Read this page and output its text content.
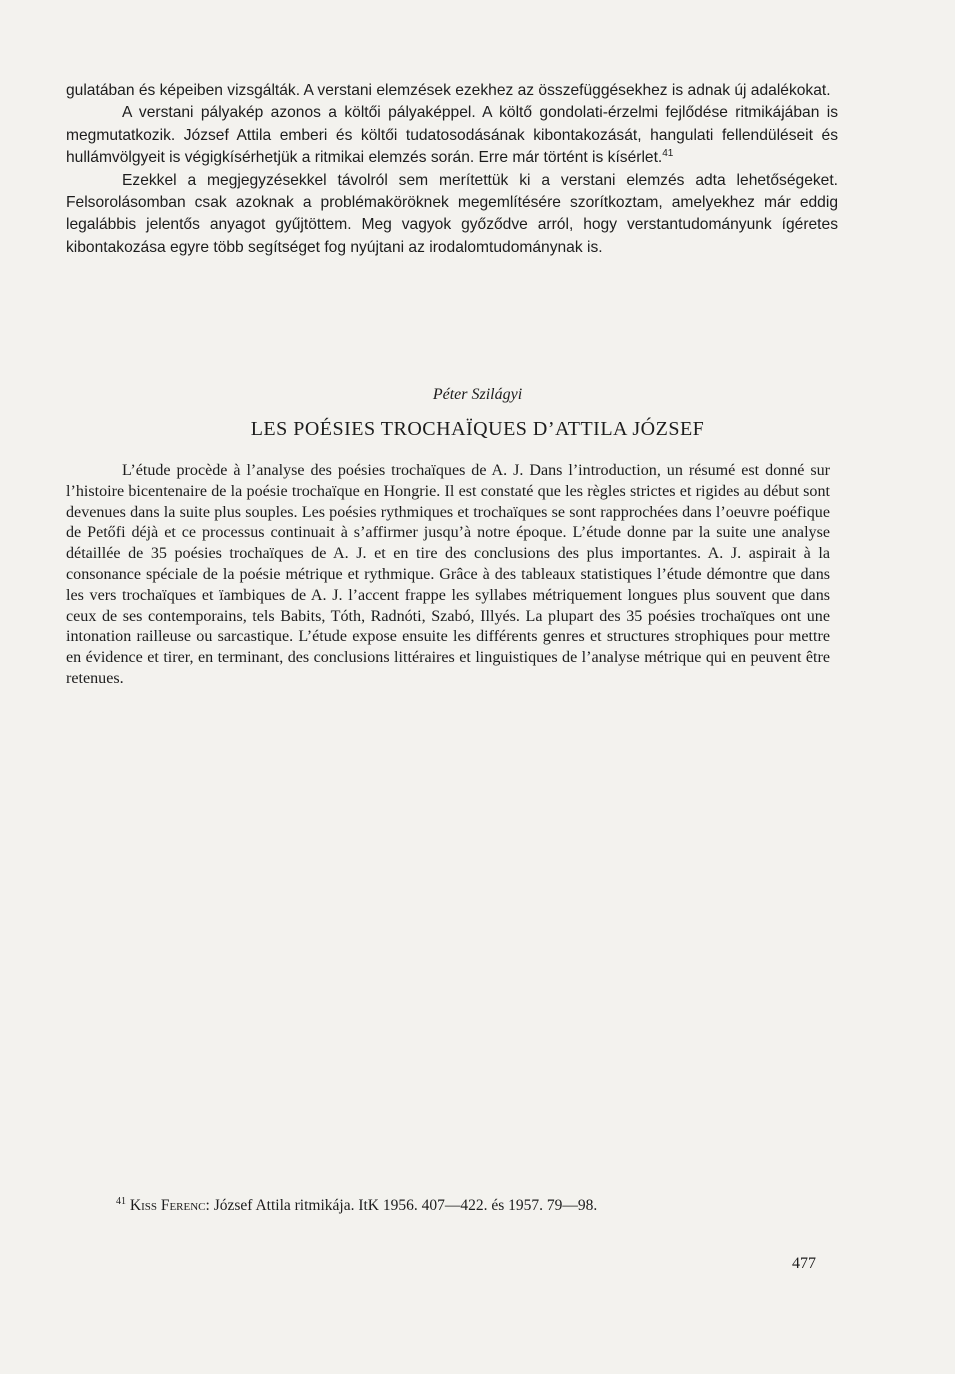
gulatában és képeiben vizsgálták. A verstani elemzések ezekhez az összefüggésekhez is adnak új adalékokat.

A verstani pályakép azonos a költői pályaképpel. A költő gondolati-érzelmi fejlődése ritmikájában is megmutatkozik. József Attila emberi és költői tudatosodásának kibontakozását, hangulati fellendüléseit és hullámvölgyeit is végigkísérhetjük a ritmikai elemzés során. Erre már történt is kísérlet.$^{41}$

Ezekkel a megjegyzésekkel távolról sem merítettük ki a verstani elemzés adta lehetőségeket. Felsorolásomban csak azoknak a problémaköröknek megemlítésére szorítkoztam, amelyekhez már eddig legalábbis jelentős anyagot gyűjtöttem. Meg vagyok győződve arról, hogy verstantudományunk ígéretes kibontakozása egyre több segítséget fog nyújtani az irodalomtudománynak is.

Péter Szilágyi
LES POÉSIES TROCHAÏQUES D’ATTILA JÓZSEF

L’étude procède à l’analyse des poésies trochaïques de A. J. Dans l’introduction, un résumé est donné sur l’histoire bicentenaire de la poésie trochaïque en Hongrie. Il est constaté que les règles strictes et rigides au début sont devenues dans la suite plus souples. Les poésies rythmiques et trochaïques se sont rapprochées dans l’oeuvre poéfique de Petőfi déjà et ce processus continuait à s’affirmer jusqu’à notre époque. L’étude donne par la suite une analyse détaillée de 35 poésies trochaïques de A. J. et en tire des conclusions des plus importantes. A. J. aspirait à la consonance spéciale de la poésie métrique et rythmique. Grâce à des tableaux statistiques l’étude démontre que dans les vers trochaïques et ïambiques de A. J. l’accent frappe les syllabes métriquement longues plus souvent que dans ceux de ses contemporains, tels Babits, Tóth, Radnóti, Szabó, Illyés. La plupart des 35 poésies trochaïques ont une intonation railleuse ou sarcastique. L’étude expose ensuite les différents genres et structures strophiques pour mettre en évidence et tirer, en terminant, des conclusions littéraires et linguistiques de l’analyse métrique qui en peuvent être retenues.

$^{41}$ Kiss Ferenc: József Attila ritmikája. ItK 1956. 407—422. és 1957. 79—98.
477
